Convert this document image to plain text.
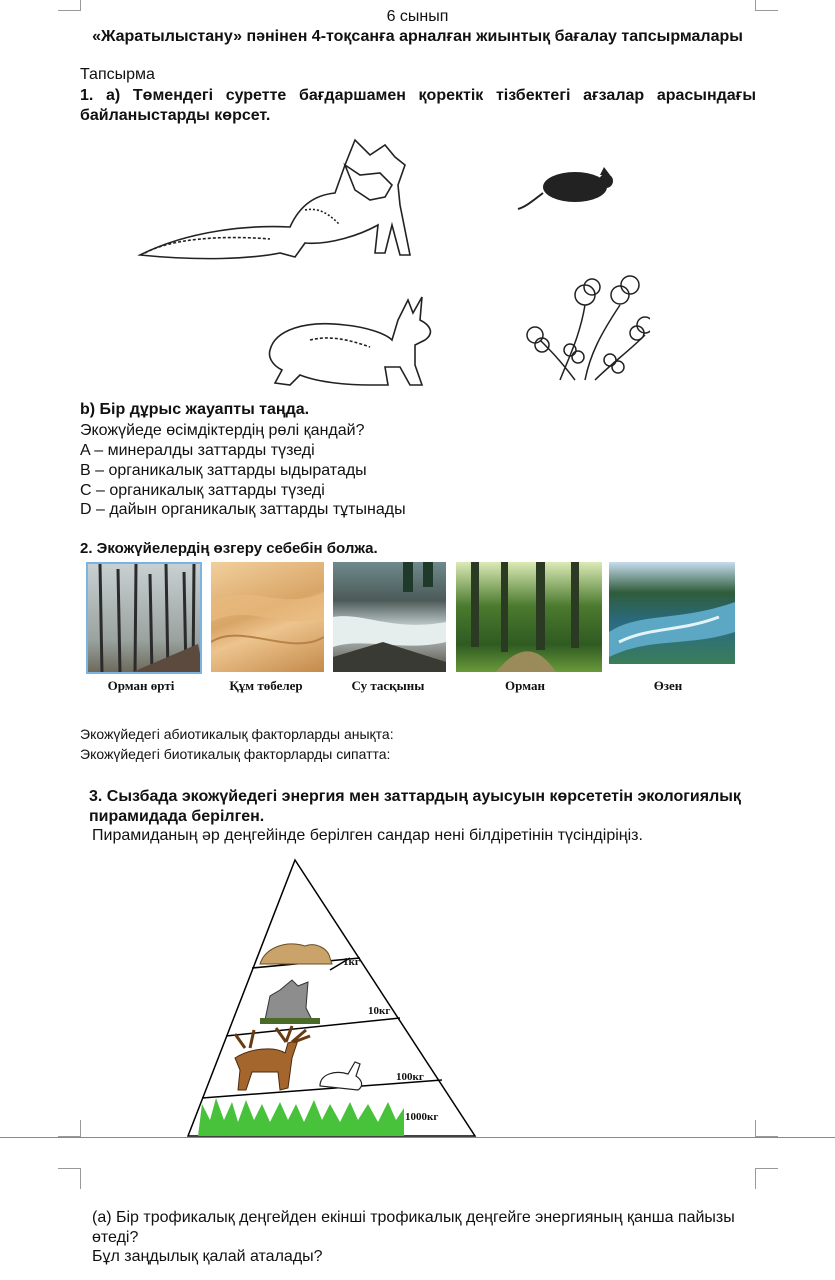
6 сынып
«Жаратылыстану» пәнінен 4-тоқсанға арналған жиынтық бағалау тапсырмалары
Тапсырма
1. а) Төмендегі суретте бағдаршамен қоректік тізбектегі ағзалар арасындағы байланыстарды көрсет.
b) Бір дұрыс жауапты таңда.
Экожүйеде өсімдіктердің рөлі қандай?
A – минералды заттарды түзеді
B – органикалық заттарды ыдыратады
C – органикалық заттарды түзеді
D – дайын органикалық заттарды тұтынады
2. Экожүйелердің өзгеру себебін болжа.
Орман өрті	Құм төбелер	Су тасқыны	Орман	Өзен
Экожүйедегі абиотикалық факторларды анықта:
Экожүйедегі биотикалық факторларды сипатта:
3. Сызбада экожүйедегі энергия мен заттардың ауысуын көрсететін экологиялық пирамидада берілген.
Пирамиданың әр деңгейінде берілген сандар нені білдіретінін түсіндіріңіз.
1кг
10кг
100кг
1000кг
(а) Бір трофикалық деңгейден екінші трофикалық деңгейге энергияның қанша пайызы өтеді?
Бұл заңдылық қалай аталады?
